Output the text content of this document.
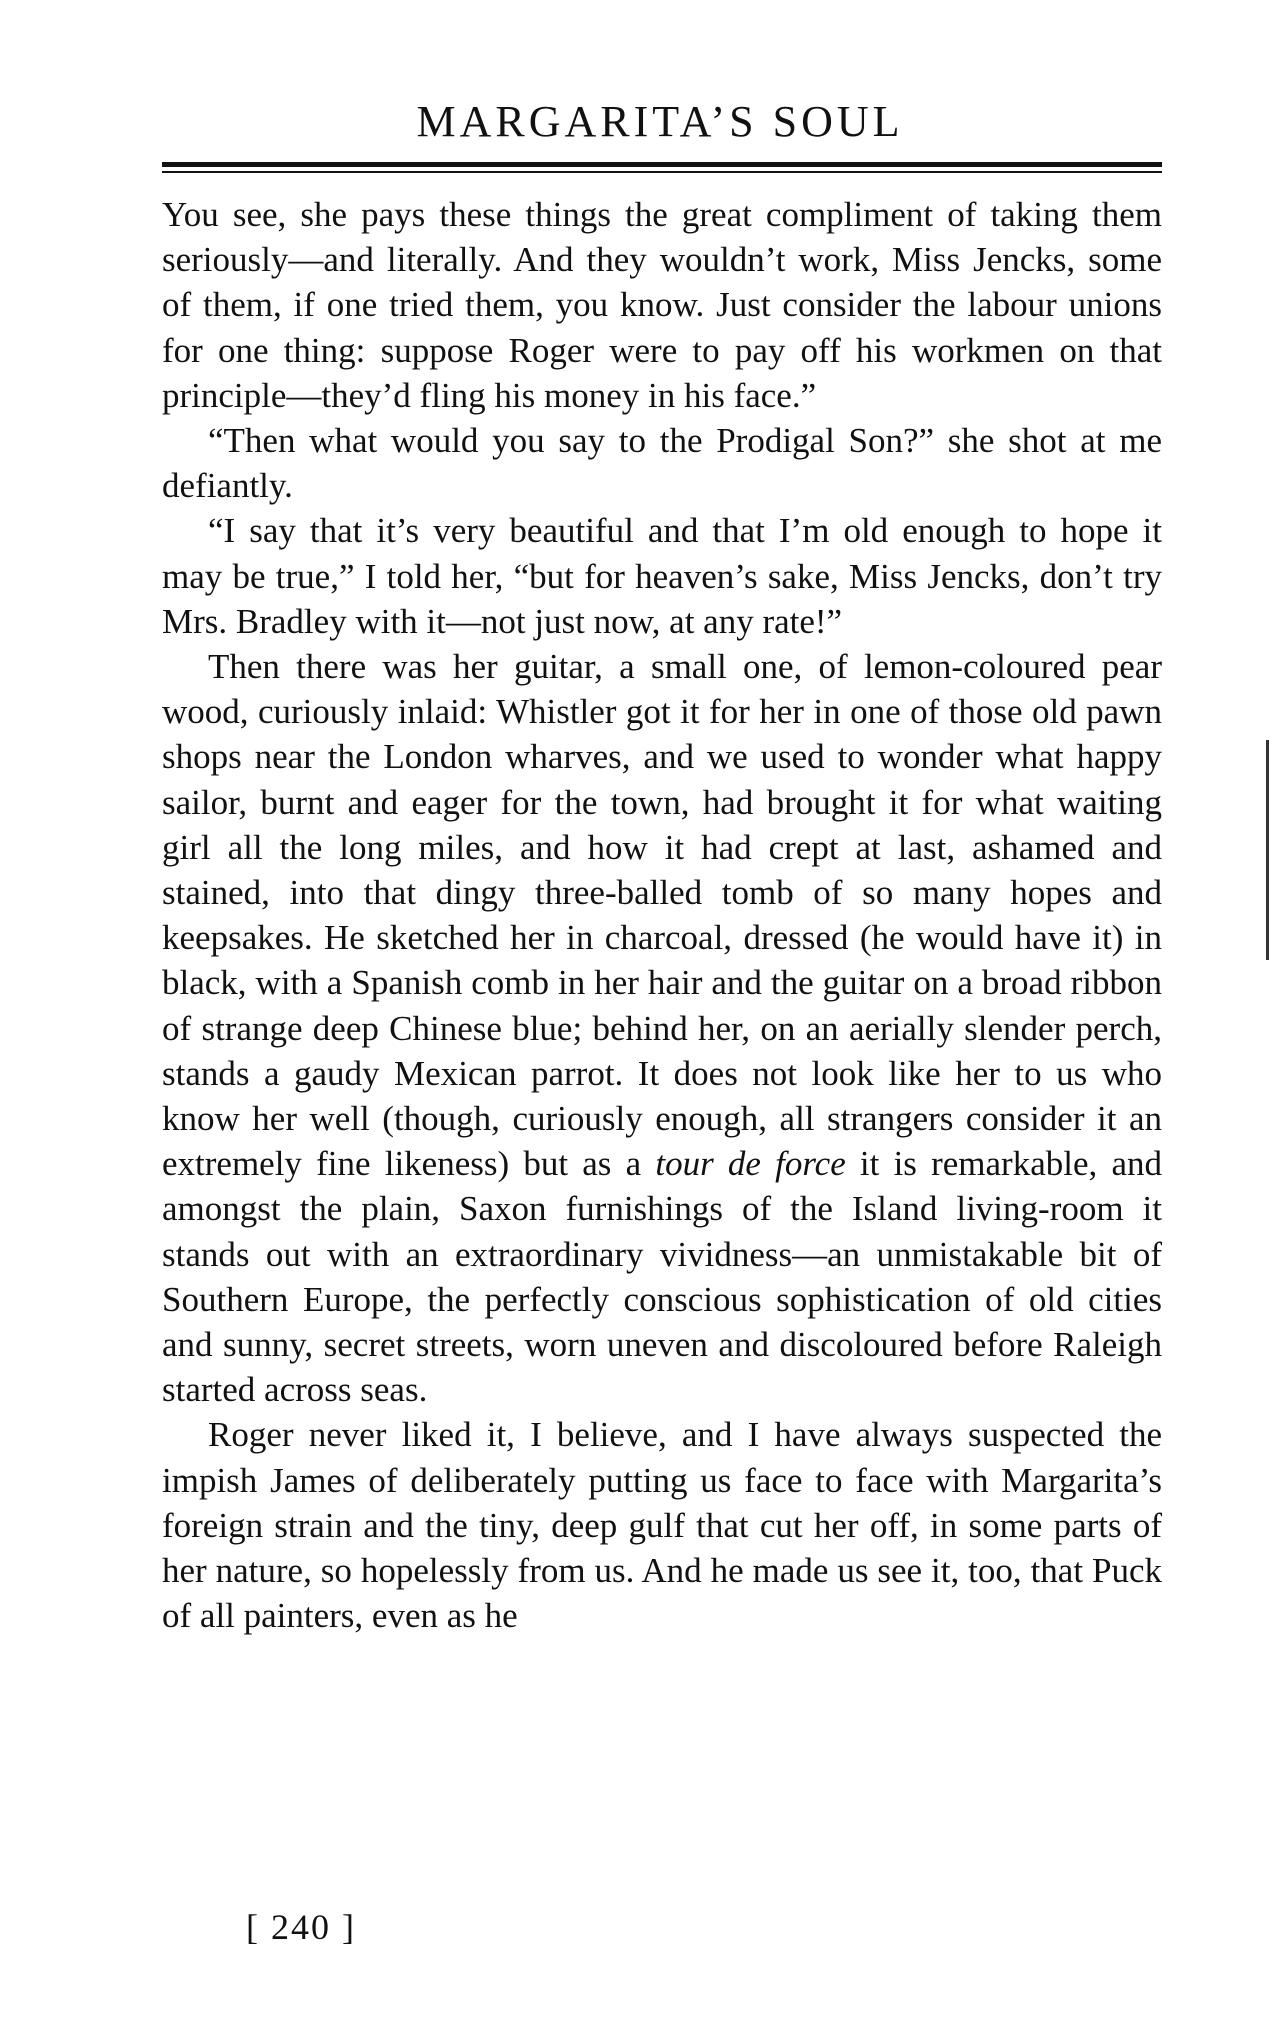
MARGARITA’S SOUL

You see, she pays these things the great compliment of taking them seriously—and literally. And they wouldn’t work, Miss Jencks, some of them, if one tried them, you know. Just consider the labour unions for one thing: suppose Roger were to pay off his workmen on that principle—they’d fling his money in his face.”

“Then what would you say to the Prodigal Son?” she shot at me defiantly.

“I say that it’s very beautiful and that I’m old enough to hope it may be true,” I told her, “but for heaven’s sake, Miss Jencks, don’t try Mrs. Bradley with it—not just now, at any rate!”

Then there was her guitar, a small one, of lemon-coloured pear wood, curiously inlaid: Whistler got it for her in one of those old pawn shops near the London wharves, and we used to wonder what happy sailor, burnt and eager for the town, had brought it for what waiting girl all the long miles, and how it had crept at last, ashamed and stained, into that dingy three-balled tomb of so many hopes and keepsakes. He sketched her in charcoal, dressed (he would have it) in black, with a Spanish comb in her hair and the guitar on a broad ribbon of strange deep Chinese blue; behind her, on an aerially slender perch, stands a gaudy Mexican parrot. It does not look like her to us who know her well (though, curiously enough, all strangers consider it an extremely fine likeness) but as a tour de force it is remarkable, and amongst the plain, Saxon furnishings of the Island living-room it stands out with an extraordinary vividness—an unmistakable bit of Southern Europe, the perfectly conscious sophistication of old cities and sunny, secret streets, worn uneven and discoloured before Raleigh started across seas.

Roger never liked it, I believe, and I have always suspected the impish James of deliberately putting us face to face with Margarita’s foreign strain and the tiny, deep gulf that cut her off, in some parts of her nature, so hopelessly from us. And he made us see it, too, that Puck of all painters, even as he

[ 240 ]
